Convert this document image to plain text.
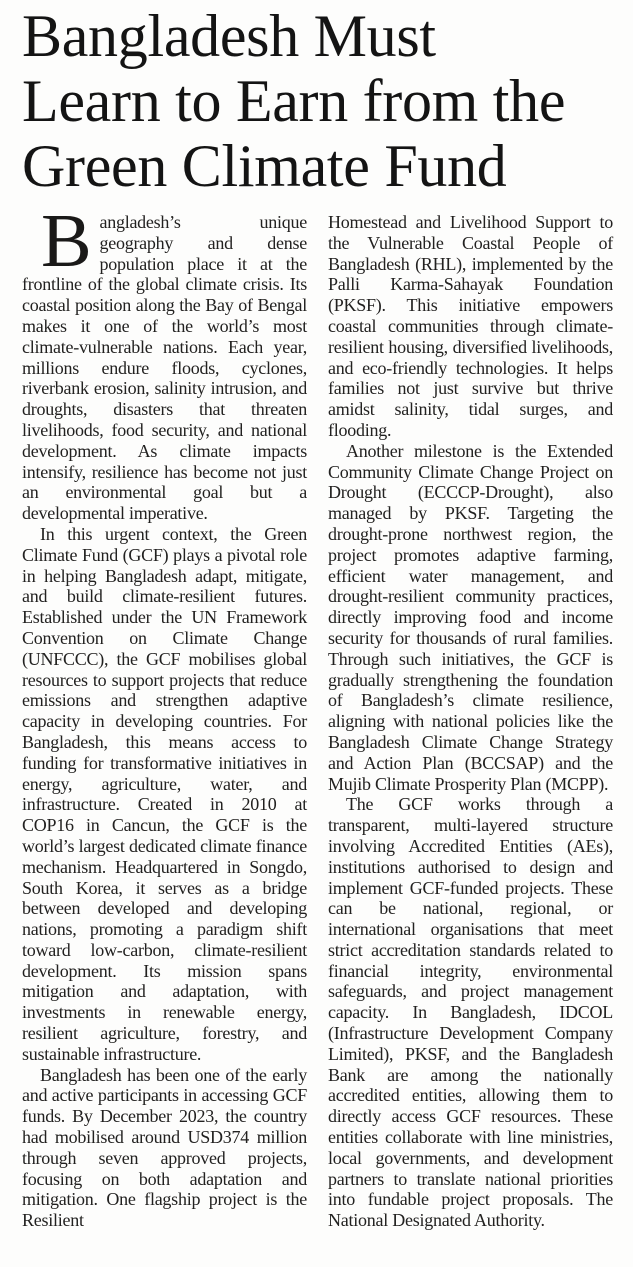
Bangladesh Must
Learn to Earn from the
Green Climate Fund

Bangladesh’s unique geography and dense population place it at the frontline of the global climate crisis. Its coastal position along the Bay of Bengal makes it one of the world’s most climate-vulnerable nations. Each year, millions endure floods, cyclones, riverbank erosion, salinity intrusion, and droughts, disasters that threaten livelihoods, food security, and national development. As climate impacts intensify, resilience has become not just an environmental goal but a developmental imperative.

In this urgent context, the Green Climate Fund (GCF) plays a pivotal role in helping Bangladesh adapt, mitigate, and build climate-resilient futures. Established under the UN Framework Convention on Climate Change (UNFCCC), the GCF mobilises global resources to support projects that reduce emissions and strengthen adaptive capacity in developing countries. For Bangladesh, this means access to funding for transformative initiatives in energy, agriculture, water, and infrastructure. Created in 2010 at COP16 in Cancun, the GCF is the world’s largest dedicated climate finance mechanism. Headquartered in Songdo, South Korea, it serves as a bridge between developed and developing nations, promoting a paradigm shift toward low-carbon, climate-resilient development. Its mission spans mitigation and adaptation, with investments in renewable energy, resilient agriculture, forestry, and sustainable infrastructure.

Bangladesh has been one of the early and active participants in accessing GCF funds. By December 2023, the country had mobilised around USD374 million through seven approved projects, focusing on both adaptation and mitigation. One flagship project is the Resilient

Homestead and Livelihood Support to the Vulnerable Coastal People of Bangladesh (RHL), implemented by the Palli Karma-Sahayak Foundation (PKSF). This initiative empowers coastal communities through climate-resilient housing, diversified livelihoods, and eco-friendly technologies. It helps families not just survive but thrive amidst salinity, tidal surges, and flooding.

Another milestone is the Extended Community Climate Change Project on Drought (ECCCP-Drought), also managed by PKSF. Targeting the drought-prone northwest region, the project promotes adaptive farming, efficient water management, and drought-resilient community practices, directly improving food and income security for thousands of rural families. Through such initiatives, the GCF is gradually strengthening the foundation of Bangladesh’s climate resilience, aligning with national policies like the Bangladesh Climate Change Strategy and Action Plan (BCCSAP) and the Mujib Climate Prosperity Plan (MCPP).

The GCF works through a transparent, multi-layered structure involving Accredited Entities (AEs), institutions authorised to design and implement GCF-funded projects. These can be national, regional, or international organisations that meet strict accreditation standards related to financial integrity, environmental safeguards, and project management capacity. In Bangladesh, IDCOL (Infrastructure Development Company Limited), PKSF, and the Bangladesh Bank are among the nationally accredited entities, allowing them to directly access GCF resources. These entities collaborate with line ministries, local governments, and development partners to translate national priorities into fundable project proposals. The National Designated Authority.
